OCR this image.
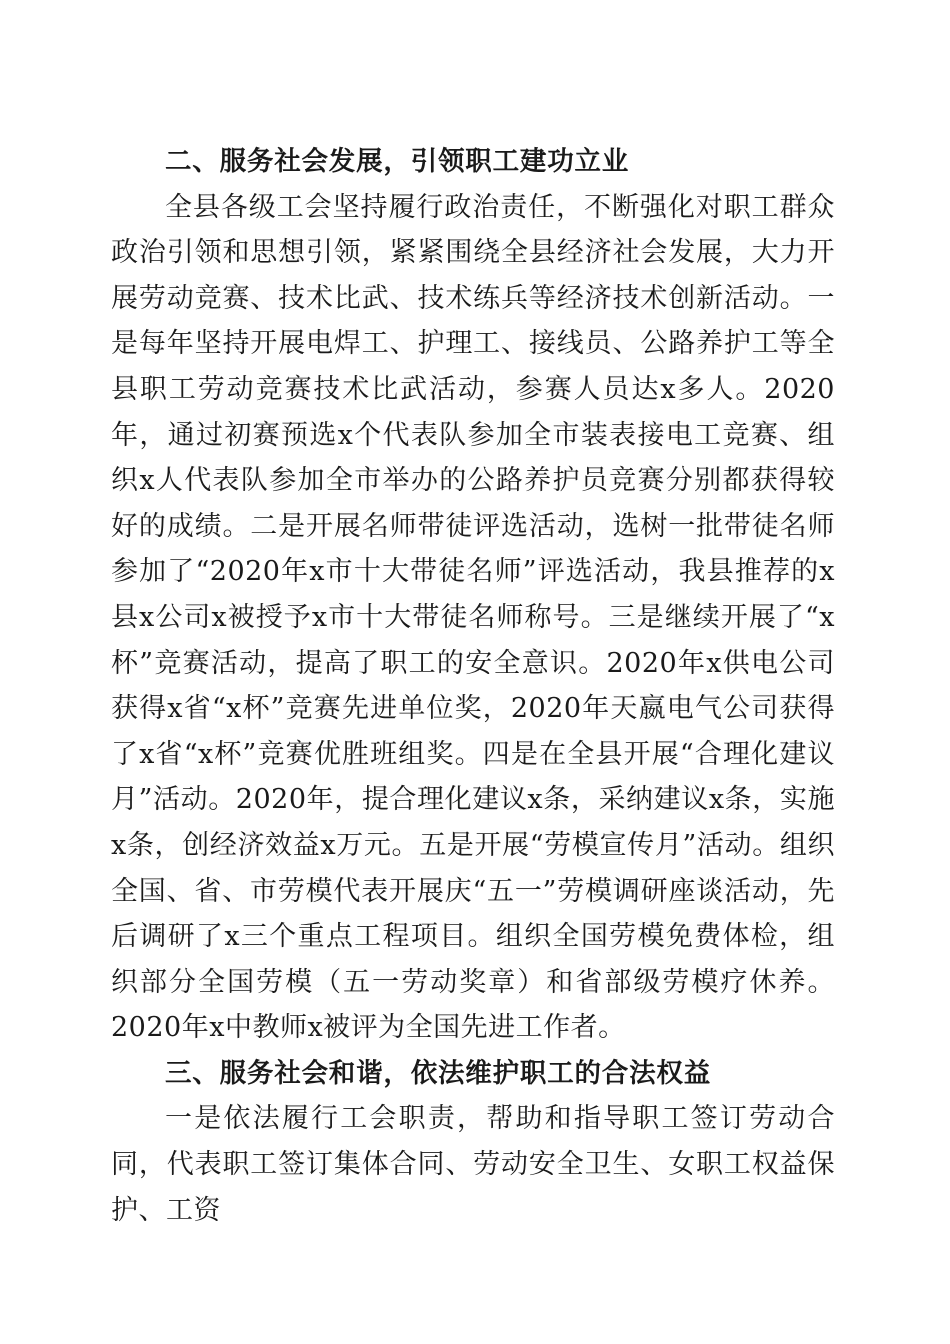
二、服务社会发展，引领职工建功立业

全县各级工会坚持履行政治责任，不断强化对职工群众政治引领和思想引领，紧紧围绕全县经济社会发展，大力开展劳动竞赛、技术比武、技术练兵等经济技术创新活动。一是每年坚持开展电焊工、护理工、接线员、公路养护工等全县职工劳动竞赛技术比武活动，参赛人员达x多人。2020年，通过初赛预选x个代表队参加全市装表接电工竞赛、组织x人代表队参加全市举办的公路养护员竞赛分别都获得较好的成绩。二是开展名师带徒评选活动，选树一批带徒名师参加了“2020年x市十大带徒名师”评选活动，我县推荐的x县x公司x被授予x市十大带徒名师称号。三是继续开展了“x杯”竞赛活动，提高了职工的安全意识。2020年x供电公司获得x省“x杯”竞赛先进单位奖，2020年天嬴电气公司获得了x省“x杯”竞赛优胜班组奖。四是在全县开展“合理化建议月”活动。2020年，提合理化建议x条，采纳建议x条，实施x条，创经济效益x万元。五是开展“劳模宣传月”活动。组织全国、省、市劳模代表开展庆“五一”劳模调研座谈活动，先后调研了x三个重点工程项目。组织全国劳模免费体检，组织部分全国劳模（五一劳动奖章）和省部级劳模疗休养。2020年x中教师x被评为全国先进工作者。

三、服务社会和谐，依法维护职工的合法权益

一是依法履行工会职责，帮助和指导职工签订劳动合同，代表职工签订集体合同、劳动安全卫生、女职工权益保护、工资
